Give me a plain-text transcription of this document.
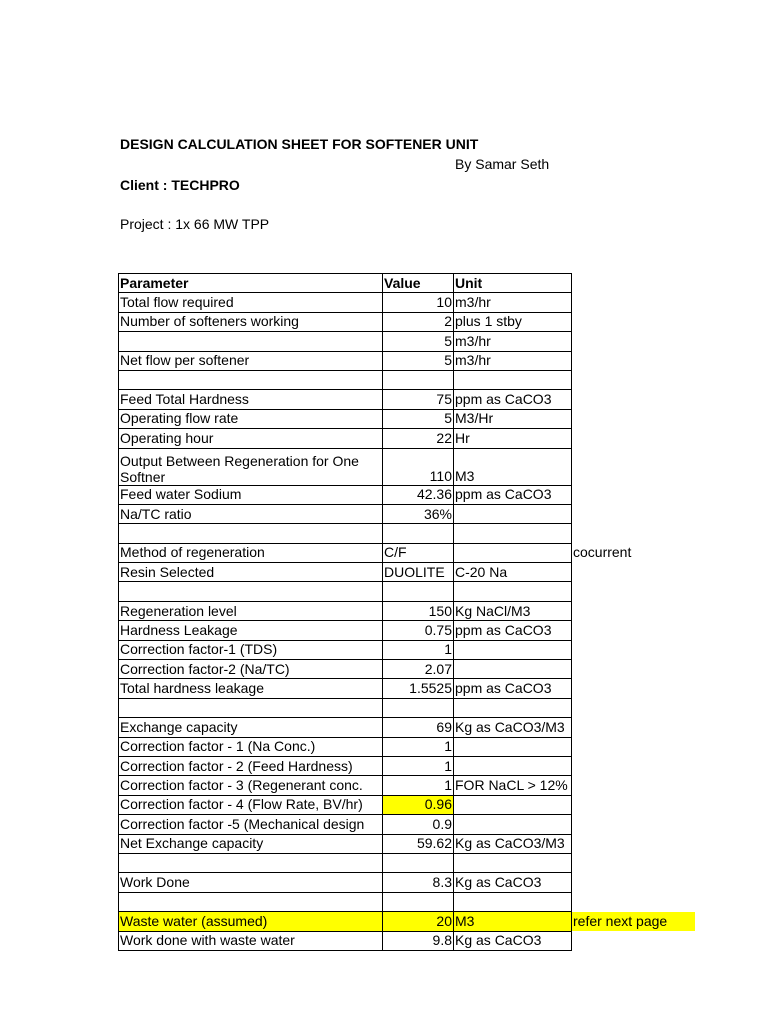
DESIGN CALCULATION SHEET FOR SOFTENER UNIT
By Samar Seth
Client : TECHPRO
Project : 1x 66 MW TPP
Parameter	Value	Unit	
Total flow required	10	m3/hr	
Number of softeners working	2	plus 1 stby	
	5	m3/hr	
Net flow per softener	5	m3/hr	

Feed Total Hardness	75	ppm as CaCO3	
Operating flow rate	5	M3/Hr	
Operating hour	22	Hr	
Output Between Regeneration for One Softner	110	M3	
Feed water Sodium	42.36	ppm as CaCO3	
Na/TC ratio	36%		

Method of regeneration	C/F		cocurrent
Resin Selected	DUOLITE	C-20 Na	

Regeneration level	150	Kg NaCl/M3	
Hardness Leakage	0.75	ppm as CaCO3	
Correction factor-1 (TDS)	1		
Correction factor-2 (Na/TC)	2.07		
Total hardness leakage	1.5525	ppm as CaCO3	

Exchange capacity	69	Kg as CaCO3/M3	
Correction factor - 1 (Na Conc.)	1		
Correction factor - 2 (Feed Hardness)	1		
Correction factor - 3 (Regenerant conc.	1	FOR NaCL > 12%	
Correction factor - 4 (Flow Rate, BV/hr)	0.96		
Correction factor -5 (Mechanical design	0.9		
Net Exchange capacity	59.62	Kg as CaCO3/M3	

Work Done	8.3	Kg as CaCO3	

Waste water (assumed)	20	M3	refer next page
Work done with waste water	9.8	Kg as CaCO3	
